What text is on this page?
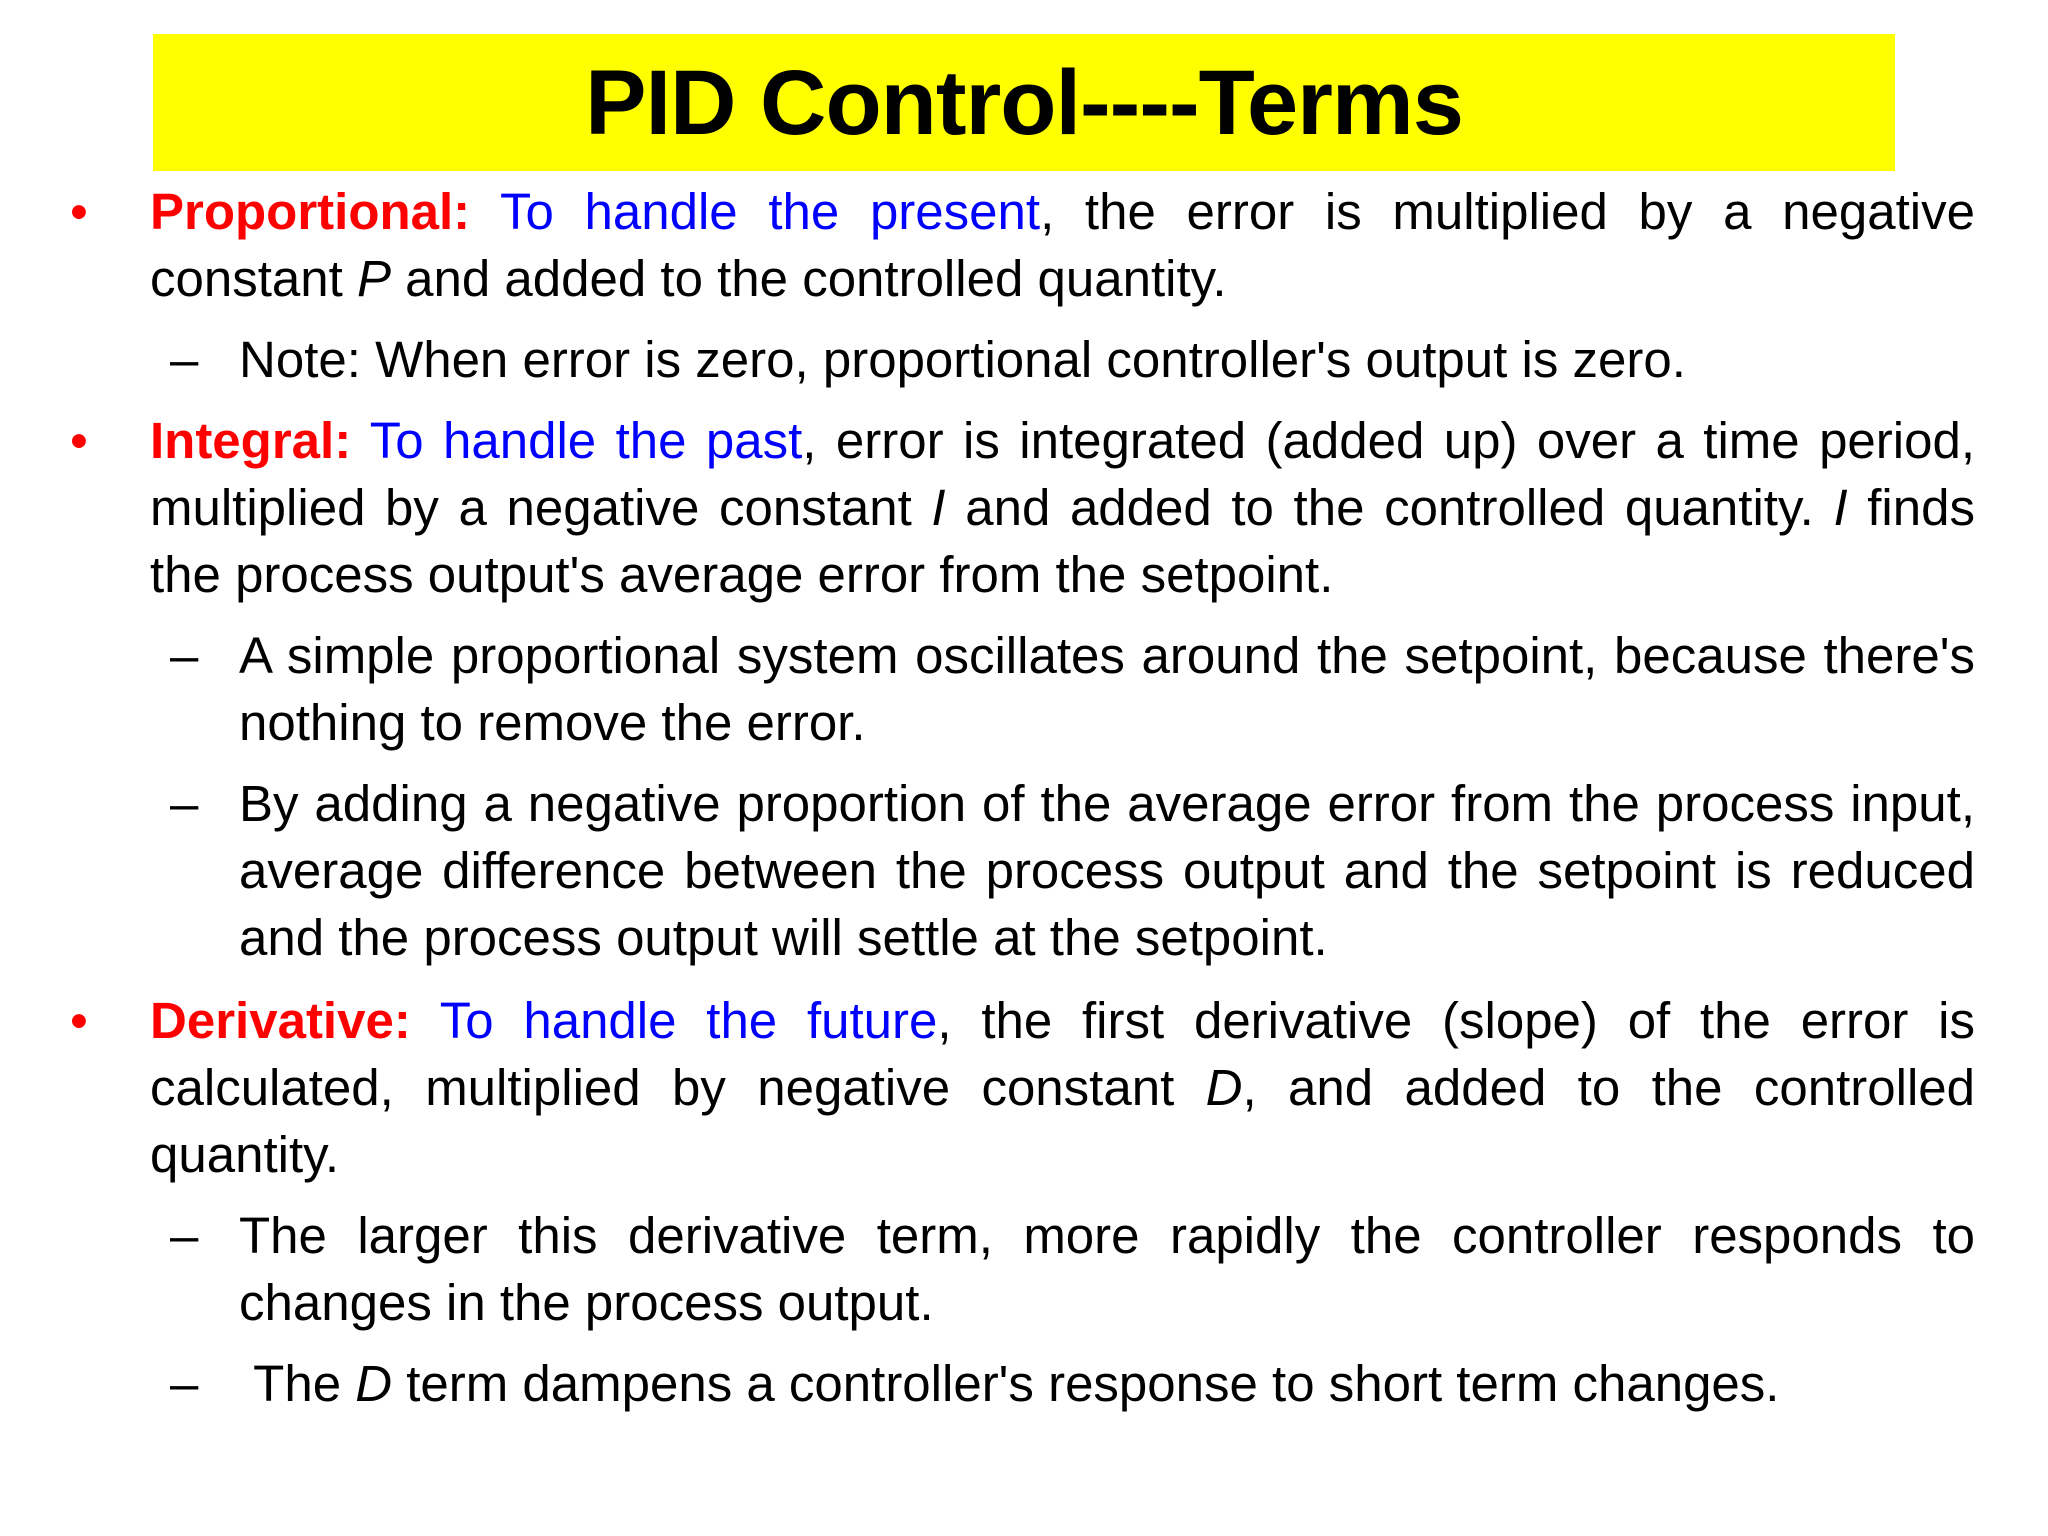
PID Control----Terms
• Proportional: To handle the present, the error is multiplied by a negative constant P and added to the controlled quantity.
– Note: When error is zero, proportional controller's output is zero.
• Integral: To handle the past, error is integrated (added up) over a time period, multiplied by a negative constant I and added to the controlled quantity. I finds the process output's average error from the setpoint.
– A simple proportional system oscillates around the setpoint, because there's nothing to remove the error.
– By adding a negative proportion of the average error from the process input, average difference between the process output and the setpoint is reduced and the process output will settle at the setpoint.
• Derivative: To handle the future, the first derivative (slope) of the error is calculated, multiplied by negative constant D, and added to the controlled quantity.
– The larger this derivative term, more rapidly the controller responds to changes in the process output.
– The D term dampens a controller's response to short term changes.
